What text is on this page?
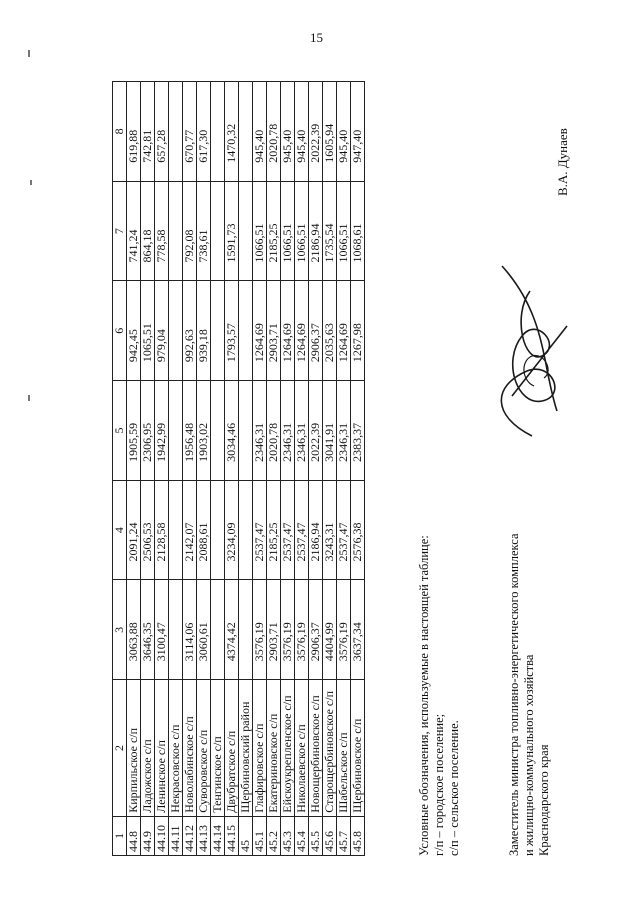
15
1	2	3	4	5	6	7	8
44.8	Кирпильское с/п	3063,88	2091,24	1905,59	942,45	741,24	619,88
44.9	Ладожское с/п	3646,35	2506,53	2306,95	1065,51	864,18	742,81
44.10	Ленинское с/п	3100,47	2128,58	1942,99	979,04	778,58	657,28
44.11	Некрасовское с/п						
44.12	Новолабинское с/п	3114,06	2142,07	1956,48	992,63	792,08	670,77
44.13	Суворовское с/п	3060,61	2088,61	1903,02	939,18	738,61	617,30
44.14	Тенгинское с/п						
44.15	Двубратское с/п	4374,42	3234,09	3034,46	1793,57	1591,73	1470,32
45	Щербиновский район						
45.1	Глафировское с/п	3576,19	2537,47	2346,31	1264,69	1066,51	945,40
45.2	Екатериновское с/п	2903,71	2185,25	2020,78	2903,71	2185,25	2020,78
45.3	Ейскоукрепленское с/п	3576,19	2537,47	2346,31	1264,69	1066,51	945,40
45.4	Николаевское с/п	3576,19	2537,47	2346,31	1264,69	1066,51	945,40
45.5	Новощербиновское с/п	2906,37	2186,94	2022,39	2906,37	2186,94	2022,39
45.6	Старощербиновское с/п	4404,99	3243,31	3041,91	2035,63	1735,54	1605,94
45.7	Шабельское с/п	3576,19	2537,47	2346,31	1264,69	1066,51	945,40
45.8	Щербиновское с/п	3637,34	2576,38	2383,37	1267,98	1068,61	947,40
Условные обозначения, используемые в настоящей таблице: г/п – городское поселение; с/п – сельское поселение.	Заместитель министра топливно-энергетического комплекса и жилищно-коммунального хозяйства Краснодарского края
В.А. Дунаев
